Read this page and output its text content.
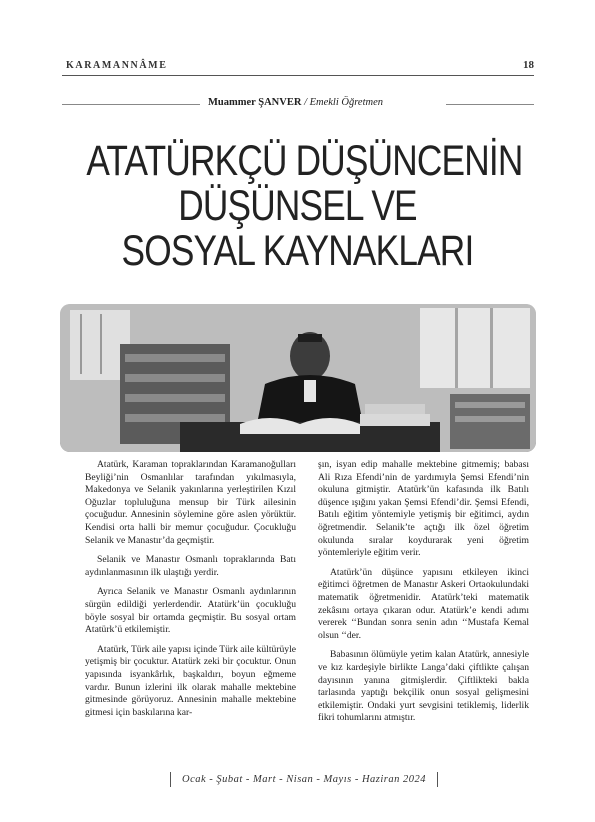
KARAMANNÂME	18
Muammer ŞANVER / Emekli Öğretmen
ATATÜRKÇÜ DÜŞÜNCENİN
DÜŞÜNSEL VE
SOSYAL KAYNAKLARI

Atatürk, Karaman topraklarından Karamanoğulları Beyliği’nin Osmanlılar tarafından yıkılmasıyla, Makedonya ve Selanik yakınlarına yerleştirilen Kızıl Oğuzlar topluluğuna mensup bir Türk ailesinin çocuğudur. Annesinin söylemine göre aslen yörüktür. Kendisi orta halli bir memur çocuğudur. Çocukluğu Selanik ve Manastır’da geçmiştir.

Selanik ve Manastır Osmanlı topraklarında Batı aydınlanmasının ilk ulaştığı yerdir.

Ayrıca Selanik ve Manastır Osmanlı aydınlarının sürgün edildiği yerlerdendir. Atatürk’ün çocukluğu böyle sosyal bir ortamda geçmiştir. Bu sosyal ortam Atatürk’ü etkilemiştir.

Atatürk, Türk aile yapısı içinde Türk aile kültürüyle yetişmiş bir çocuktur. Atatürk zeki bir çocuktur. Onun yapısında isyankârlık, başkaldırı, boyun eğmeme vardır. Bunun izlerini ilk olarak mahalle mektebine gitmesinde görüyoruz. Annesinin mahalle mektebine gitmesi için baskılarına kar-

şın, isyan edip mahalle mektebine gitmemiş; babası Ali Rıza Efendi’nin de yardımıyla Şemsi Efendi’nin okuluna gitmiştir. Atatürk’ün kafasında ilk Batılı düşence ışığını yakan Şemsi Efendi’dir. Şemsi Efendi, Batılı eğitim yöntemiyle yetişmiş bir eğitimci, aydın öğretmendir. Selanik’te açtığı ilk özel öğretim okulunda sıralar koydurarak yeni öğretim yöntemleriyle eğitim verir.

Atatürk’ün düşünce yapısını etkileyen ikinci eğitimci öğretmen de Manastır Askeri Ortaokulundaki matematik öğretmenidir. Atatürk’teki matematik zekâsını ortaya çıkaran odur. Atatürk’e kendi adımı vererek ‘‘Bundan sonra senin adın ‘‘Mustafa Kemal olsun ‘‘der.

Babasının ölümüyle yetim kalan Atatürk, annesiyle ve kız kardeşiyle birlikte Langa’daki çiftlikte çalışan dayısının yanına gitmişlerdir. Çiftlikteki bakla tarlasında yaptığı bekçilik onun sosyal gelişmesini etkilemiştir. Ondaki yurt sevgisini tetiklemiş, liderlik fikri tohumlarını atmıştır.

Ocak - Şubat - Mart - Nisan - Mayıs - Haziran 2024
